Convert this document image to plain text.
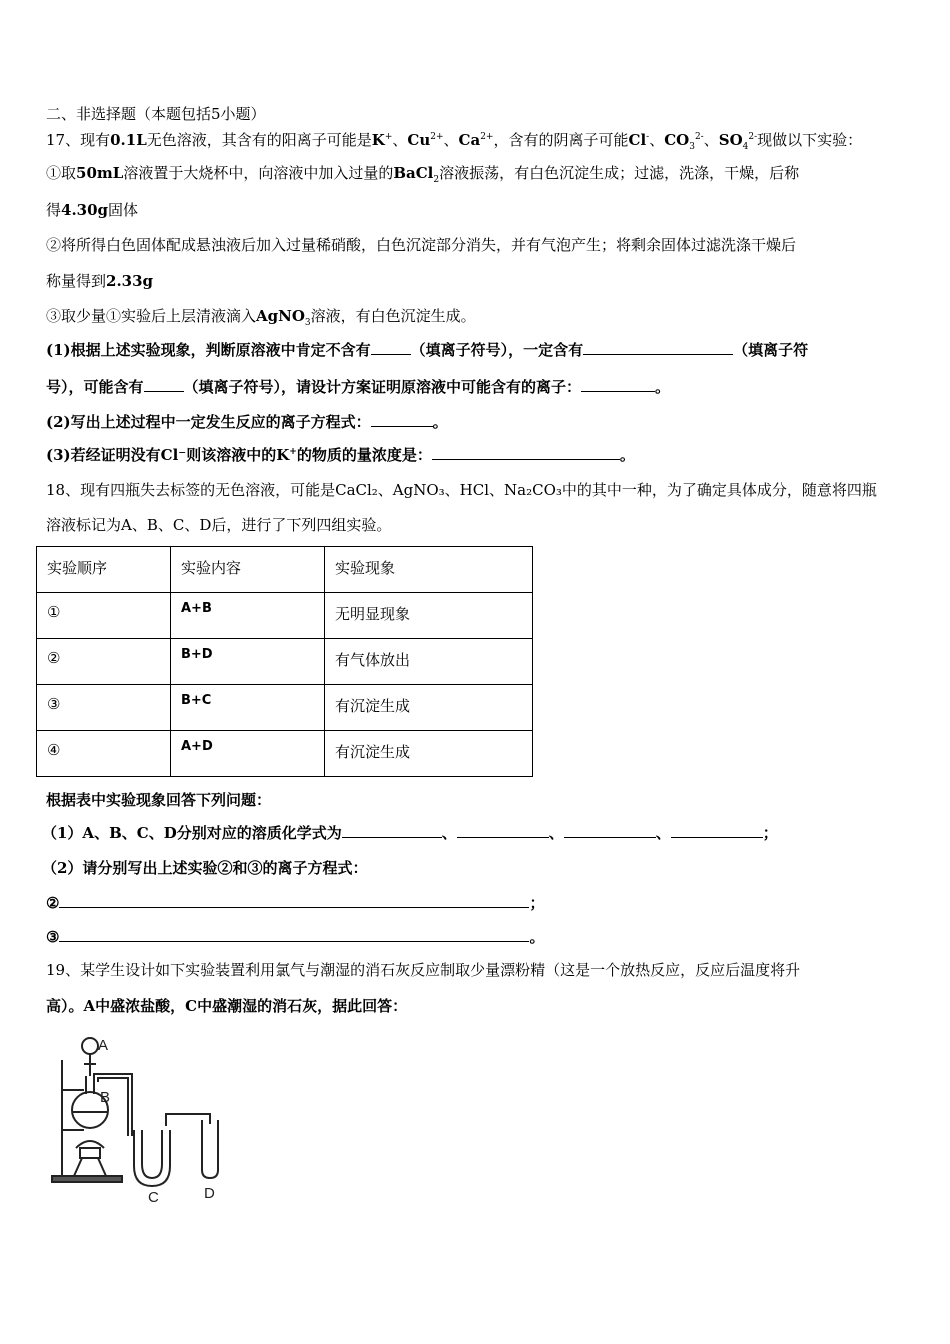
二、非选择题（本题包括5小题）
17、现有0.1L无色溶液，其含有的阳离子可能是K+、$Cu^{2+}$、$Ca^{2+}$，含有的阴离子可能Cl-、$CO_3^{2-}$、$SO_4^{2-}$现做以下实验：
①取50mL溶液置于大烧杯中，向溶液中加入过量的BaCl$_2$溶液振荡，有白色沉淀生成；过滤，洗涤，干燥，后称
得4.30g固体
②将所得白色固体配成悬浊液后加入过量稀硝酸，白色沉淀部分消失，并有气泡产生；将剩余固体过滤洗涤干燥后
称量得到2.33g
③取少量①实验后上层清液滴入AgNO$_3$溶液，有白色沉淀生成。
(1)根据上述实验现象，判断原溶液中肯定不含有	（填离子符号），一定含有	（填离子符
号），可能含有	（填离子符号），请设计方案证明原溶液中可能含有的离子：	。
(2)写出上述过程中一定发生反应的离子方程式：	。
(3)若经证明没有Cl⁻则该溶液中的K+的物质的量浓度是：	。
18、现有四瓶失去标签的无色溶液，可能是CaCl₂、AgNO₃、HCl、Na₂CO₃中的其中一种，为了确定具体成分，随意将四瓶
溶液标记为A、B、C、D后，进行了下列四组实验。
实验顺序	实验内容	实验现象
①	A+B	无明显现象
②	B+D	有气体放出
③	B+C	有沉淀生成
④	A+D	有沉淀生成
根据表中实验现象回答下列问题：
（1）A、B、C、D分别对应的溶质化学式为	、	、	、	；
（2）请分别写出上述实验②和③的离子方程式：
②	；
③	。
19、某学生设计如下实验装置利用氯气与潮湿的消石灰反应制取少量漂粉精（这是一个放热反应，反应后温度将升
高）。A中盛浓盐酸，C中盛潮湿的消石灰，据此回答：
A
B
C	D
